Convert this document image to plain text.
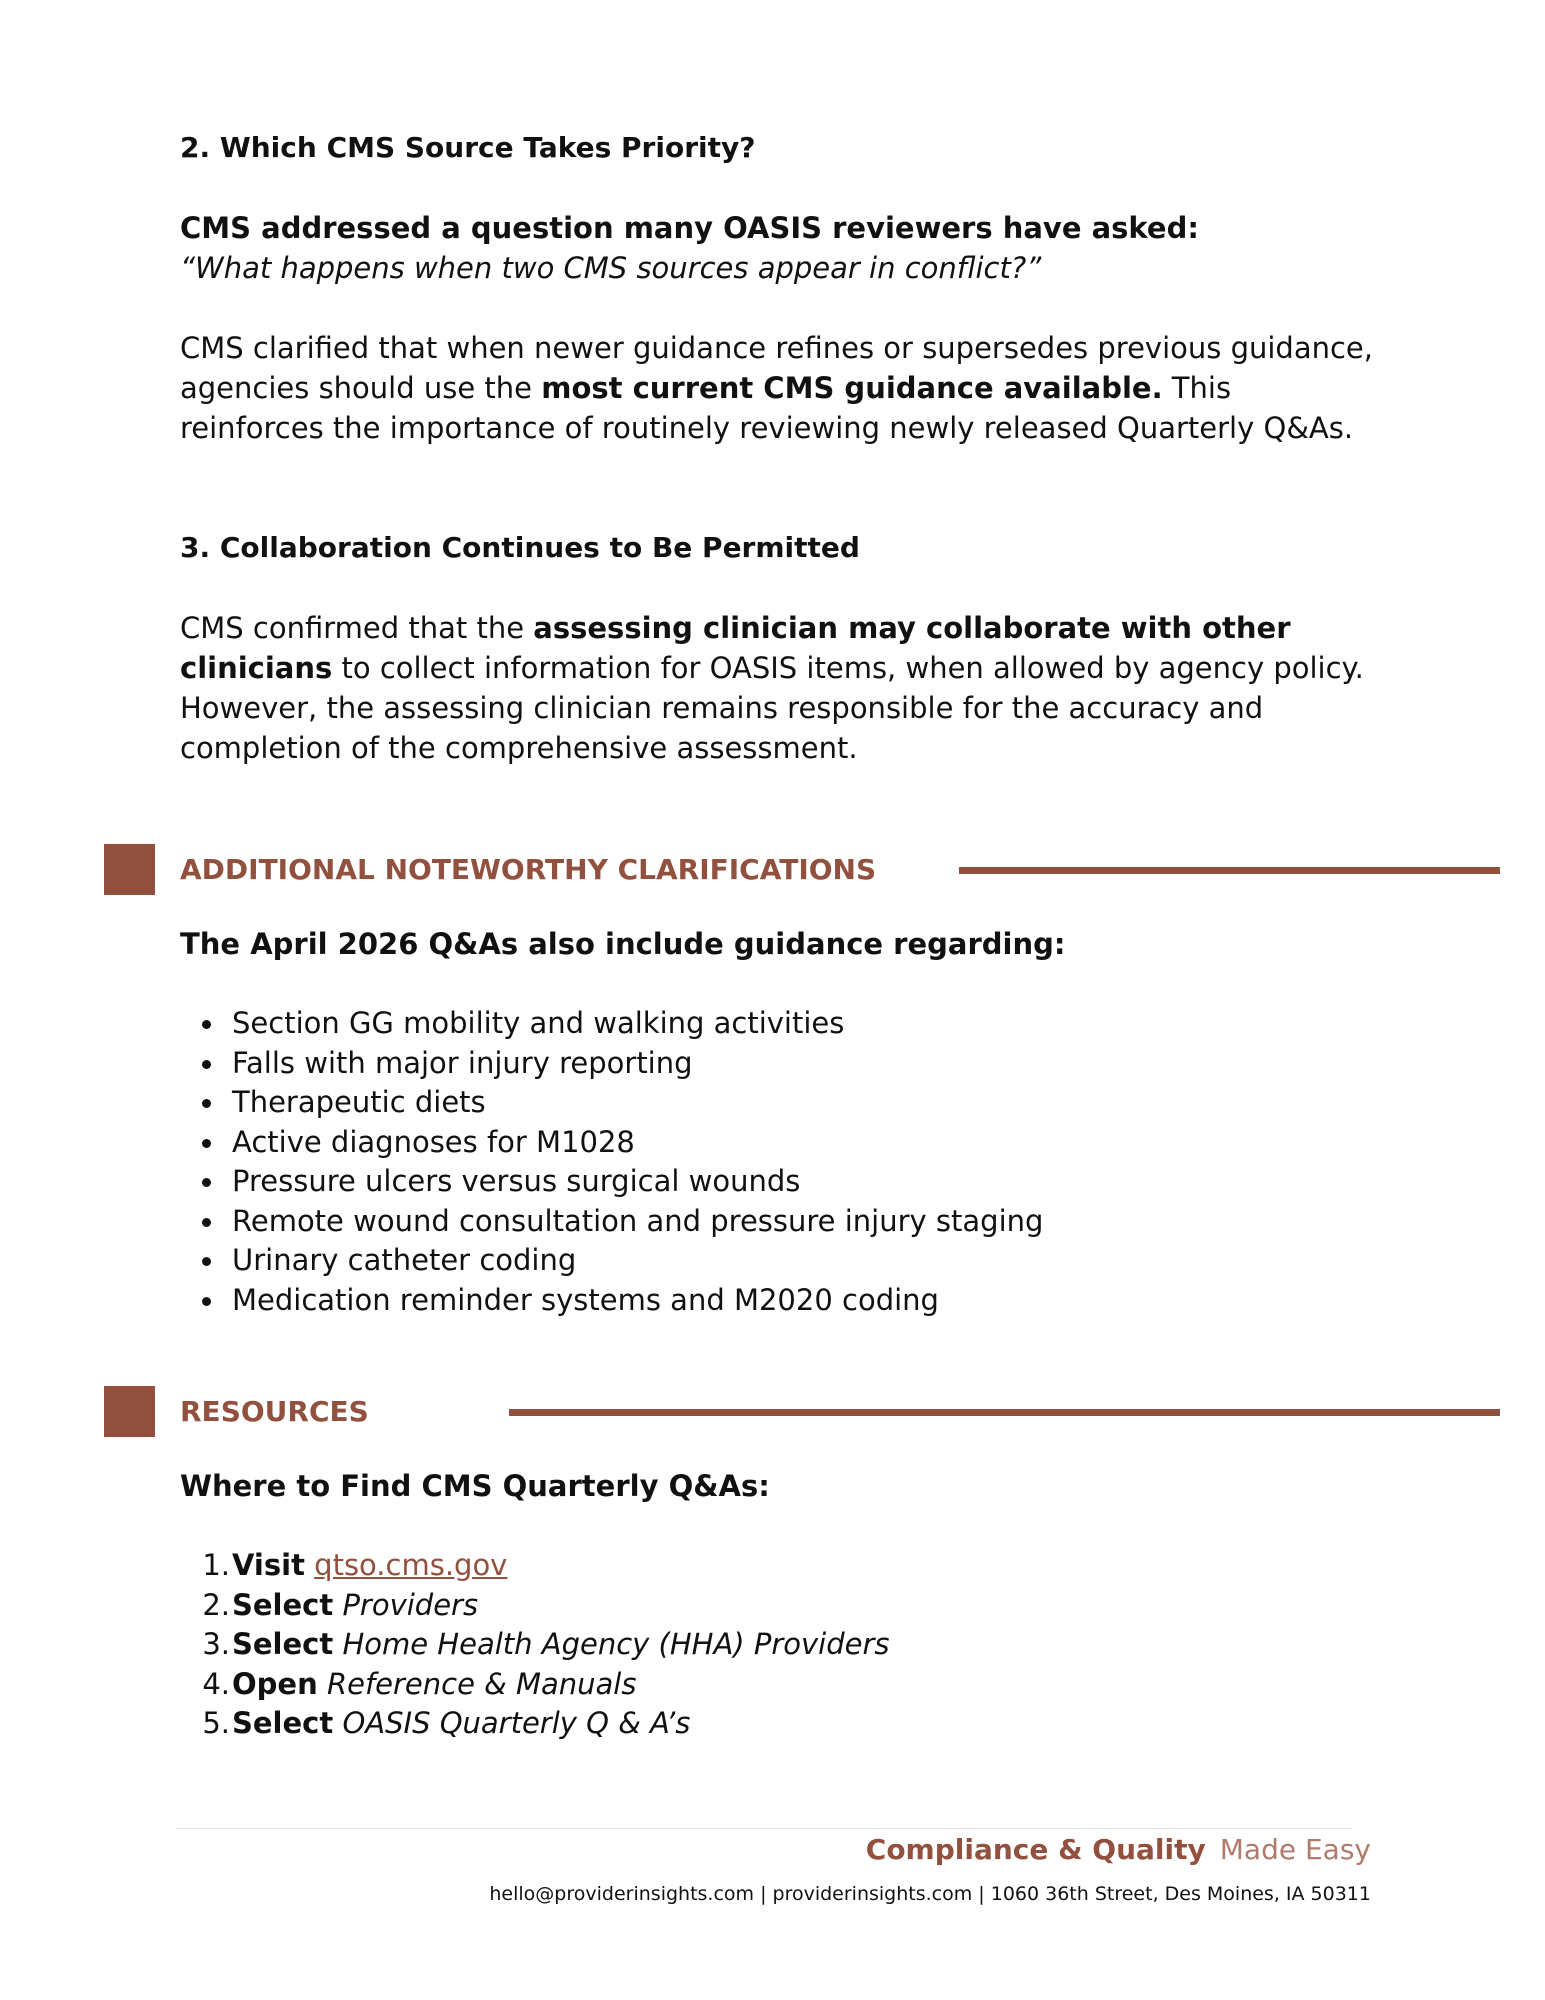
2. Which CMS Source Takes Priority?

CMS addressed a question many OASIS reviewers have asked:

“What happens when two CMS sources appear in conflict?”

CMS clarified that when newer guidance refines or supersedes previous guidance, agencies should use the most current CMS guidance available. This reinforces the importance of routinely reviewing newly released Quarterly Q&As.

3. Collaboration Continues to Be Permitted

CMS confirmed that the assessing clinician may collaborate with other clinicians to collect information for OASIS items, when allowed by agency policy. However, the assessing clinician remains responsible for the accuracy and completion of the comprehensive assessment.

ADDITIONAL NOTEWORTHY CLARIFICATIONS

The April 2026 Q&As also include guidance regarding:

Section GG mobility and walking activities
Falls with major injury reporting
Therapeutic diets
Active diagnoses for M1028
Pressure ulcers versus surgical wounds
Remote wound consultation and pressure injury staging
Urinary catheter coding
Medication reminder systems and M2020 coding
RESOURCES

Where to Find CMS Quarterly Q&As:

1. Visit qtso.cms.gov
2. Select Providers
3. Select Home Health Agency (HHA) Providers
4. Open Reference & Manuals
5. Select OASIS Quarterly Q & A’s
Compliance & Quality Made Easy
hello@providerinsights.com | providerinsights.com | 1060 36th Street, Des Moines, IA 50311
